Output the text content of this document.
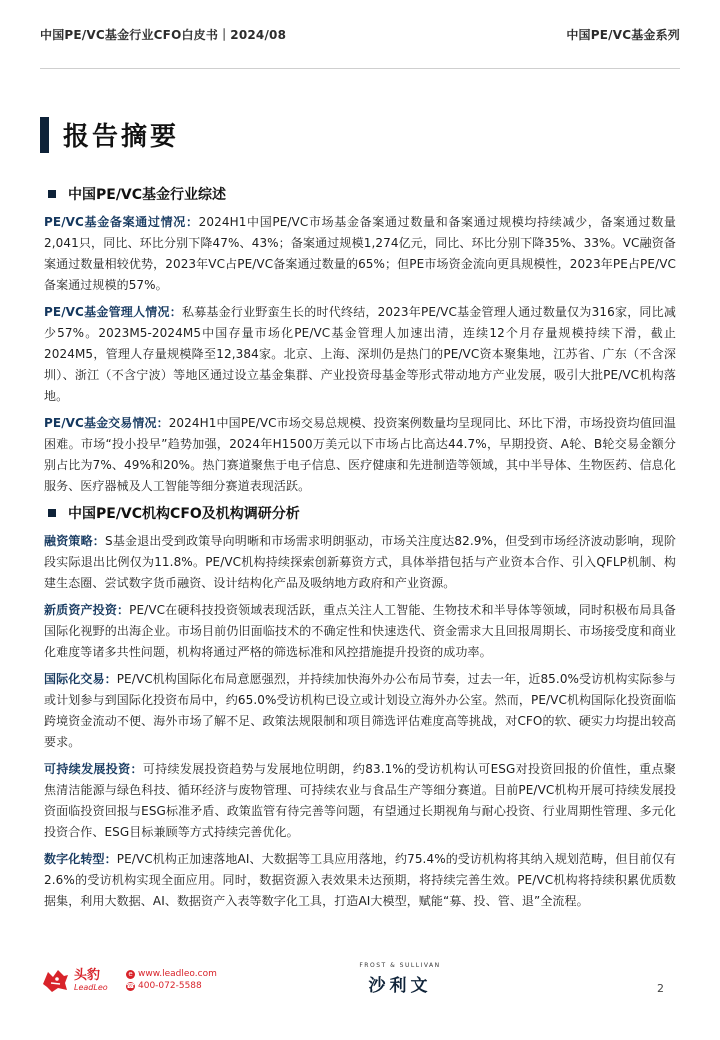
中国PE/VC基金行业CFO白皮书｜2024/08	中国PE/VC基金系列
报告摘要
中国PE/VC基金行业综述

PE/VC基金备案通过情况：2024H1中国PE/VC市场基金备案通过数量和备案通过规模均持续减少，备案通过数量2,041只，同比、环比分别下降47%、43%；备案通过规模1,274亿元，同比、环比分别下降35%、33%。VC融资备案通过数量相较优势，2023年VC占PE/VC备案通过数量的65%；但PE市场资金流向更具规模性，2023年PE占PE/VC备案通过规模的57%。

PE/VC基金管理人情况：私募基金行业野蛮生长的时代终结，2023年PE/VC基金管理人通过数量仅为316家，同比减少57%。2023M5-2024M5中国存量市场化PE/VC基金管理人加速出清，连续12个月存量规模持续下滑，截止2024M5，管理人存量规模降至12,384家。北京、上海、深圳仍是热门的PE/VC资本聚集地，江苏省、广东（不含深圳）、浙江（不含宁波）等地区通过设立基金集群、产业投资母基金等形式带动地方产业发展，吸引大批PE/VC机构落地。

PE/VC基金交易情况：2024H1中国PE/VC市场交易总规模、投资案例数量均呈现同比、环比下滑，市场投资均值回温困难。市场“投小投早”趋势加强，2024年H1500万美元以下市场占比高达44.7%，早期投资、A轮、B轮交易金额分别占比为7%、49%和20%。热门赛道聚焦于电子信息、医疗健康和先进制造等领域，其中半导体、生物医药、信息化服务、医疗器械及人工智能等细分赛道表现活跃。

中国PE/VC机构CFO及机构调研分析

融资策略：S基金退出受到政策导向明晰和市场需求明朗驱动，市场关注度达82.9%，但受到市场经济波动影响，现阶段实际退出比例仅为11.8%。PE/VC机构持续探索创新募资方式，具体举措包括与产业资本合作、引入QFLP机制、构建生态圈、尝试数字货币融资、设计结构化产品及吸纳地方政府和产业资源。

新质资产投资：PE/VC在硬科技投资领域表现活跃，重点关注人工智能、生物技术和半导体等领域，同时积极布局具备国际化视野的出海企业。市场目前仍旧面临技术的不确定性和快速迭代、资金需求大且回报周期长、市场接受度和商业化难度等诸多共性问题，机构将通过严格的筛选标准和风控措施提升投资的成功率。

国际化交易：PE/VC机构国际化布局意愿强烈，并持续加快海外办公布局节奏，过去一年，近85.0%受访机构实际参与或计划参与到国际化投资布局中，约65.0%受访机构已设立或计划设立海外办公室。然而，PE/VC机构国际化投资面临跨境资金流动不便、海外市场了解不足、政策法规限制和项目筛选评估难度高等挑战，对CFO的软、硬实力均提出较高要求。

可持续发展投资：可持续发展投资趋势与发展地位明朗，约83.1%的受访机构认可ESG对投资回报的价值性，重点聚焦清洁能源与绿色科技、循环经济与废物管理、可持续农业与食品生产等细分赛道。目前PE/VC机构开展可持续发展投资面临投资回报与ESG标准矛盾、政策监管有待完善等问题，有望通过长期视角与耐心投资、行业周期性管理、多元化投资合作、ESG目标兼顾等方式持续完善优化。

数字化转型：PE/VC机构正加速落地AI、大数据等工具应用落地，约75.4%的受访机构将其纳入规划范畴，但目前仅有2.6%的受访机构实现全面应用。同时，数据资源入表效果未达预期，将持续完善生效。PE/VC机构将持续积累优质数据集，利用大数据、AI、数据资产入表等数字化工具，打造AI大模型，赋能“募、投、管、退”全流程。

头豹
LeadLeo
e www.leadleo.com
☎ 400-072-5588
FROST & SULLIVAN
沙利文	2
